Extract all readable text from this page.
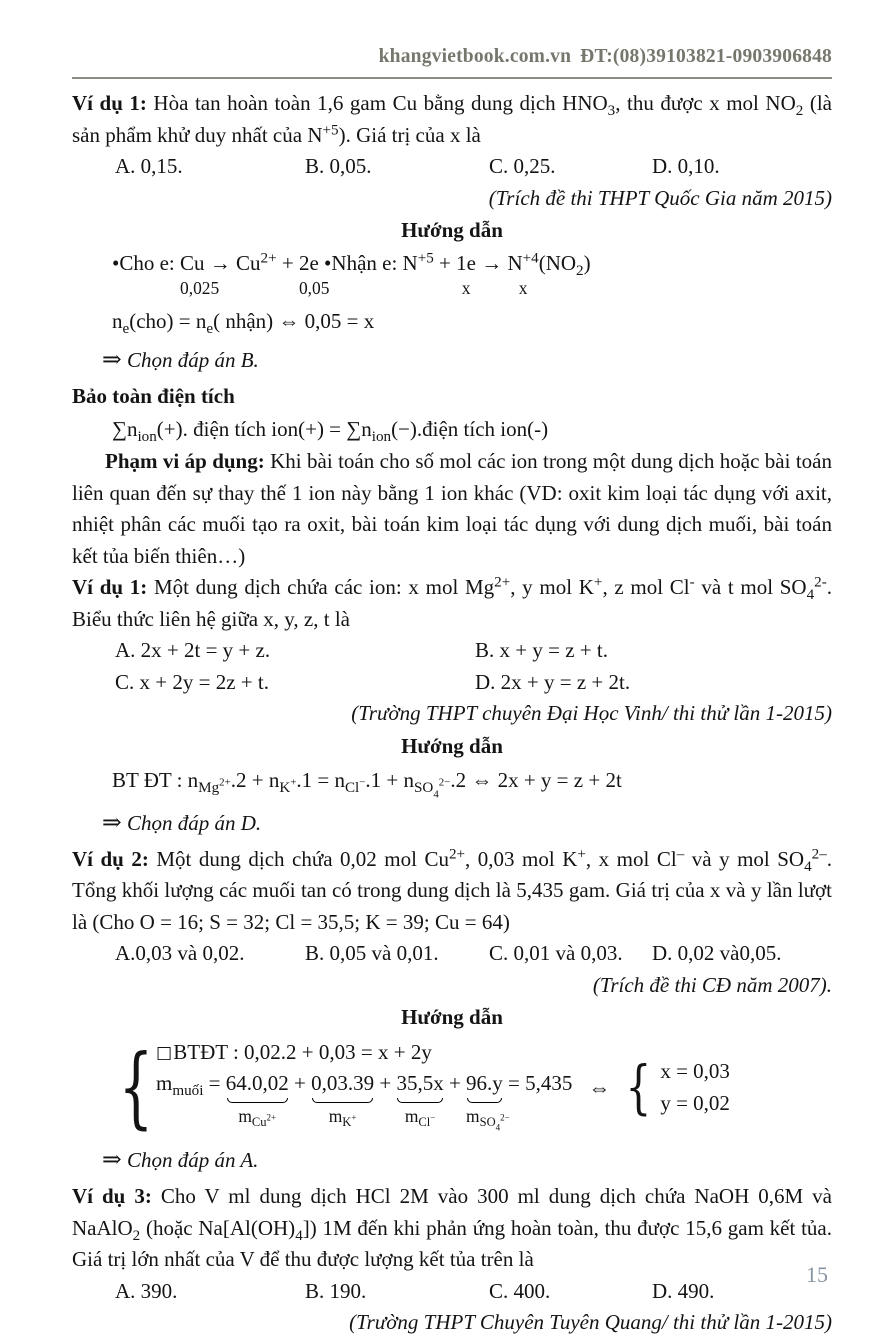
khangvietbook.com.vn ĐT:(08)39103821-0903906848

Ví dụ 1: Hòa tan hoàn toàn 1,6 gam Cu bằng dung dịch $HNO_3$, thu được x mol $NO_2$ (là sản phẩm khử duy nhất của $N^{+5}$). Giá trị của x là

A. 0,15.	B. 0,05.	C. 0,25.	D. 0,10.

(Trích đề thi THPT Quốc Gia năm 2015)

Hướng dẫn

•Cho e: Cu
0,025
→ $Cu^{2+} + 2e$
0,05
•Nhận e: $N^{+5} + 1e$
x
→ $N^{+4}$
x
$(NO_2)$

$n_e(cho) = n_e$( nhận) ⇔ 0,05 = x

⇒ Chọn đáp án B.

Bảo toàn điện tích

$\sum n_{ion}(+)$. điện tích $ion(+) = \sum n_{ion}(-).điện$ tích ion(-)

Phạm vi áp dụng: Khi bài toán cho số mol các ion trong một dung dịch hoặc bài toán liên quan đến sự thay thế 1 ion này bằng 1 ion khác (VD: oxit kim loại tác dụng với axit, nhiệt phân các muối tạo ra oxit, bài toán kim loại tác dụng với dung dịch muối, bài toán kết tủa biến thiên…)

Ví dụ 1: Một dung dịch chứa các ion: x mol $Mg^{2+}$, y mol K+, z mol Cl- và t mol $SO_4^{2-}$. Biểu thức liên hệ giữa x, y, z, t là

A. 2x + 2t = y + z.	B. x + y = z + t.

C. x + 2y = 2z + t.	D. 2x + y = z + 2t.

(Trường THPT chuyên Đại Học Vinh/ thi thử lần 1-2015)

Hướng dẫn

BT ĐT : $n_{Mg^{2+}}.2 + n_{K^+}.1 = n_{Cl^-}.1 + n_{SO_4^{2-}}.2$ ⇔ 2x + y = z + 2t

⇒ Chọn đáp án D.

Ví dụ 2: Một dung dịch chứa 0,02 mol $Cu^{2+}$, 0,03 mol K+, x mol Cl– và y mol $SO_4^{2-}$. Tổng khối lượng các muối tan có trong dung dịch là 5,435 gam. Giá trị của x và y lần lượt là (Cho O = 16; S = 32; Cl = 35,5; K = 39; Cu = 64)

A.0,03 và 0,02.	B. 0,05 và 0,01.	C. 0,01 và 0,03.	D. 0,02 và0,05.

(Trích đề thi CĐ năm 2007).

Hướng dẫn

{ □BTĐT : 0,02.2 + 0,03 = x + 2y

$m_{muối} = 64.0,02$
$m_{Cu^{2+}}$
+ 0,03.39
$m_{K^+}$
+ 35,5x
$m_{Cl^-}$
+ 96.y
$m_{SO_4^{2-}}$
= 5,435 ⇔ { x = 0,03

y = 0,02

⇒ Chọn đáp án A.

Ví dụ 3: Cho V ml dung dịch HCl 2M vào 300 ml dung dịch chứa NaOH 0,6M và NaAlO$_2$ (hoặc $Na[Al(OH)_4]$) 1M đến khi phản ứng hoàn toàn, thu được 15,6 gam kết tủa. Giá trị lớn nhất của V để thu được lượng kết tủa trên là

A. 390.	B. 190.	C. 400.	D. 490.

(Trường THPT Chuyên Tuyên Quang/ thi thử lần 1-2015)

15
